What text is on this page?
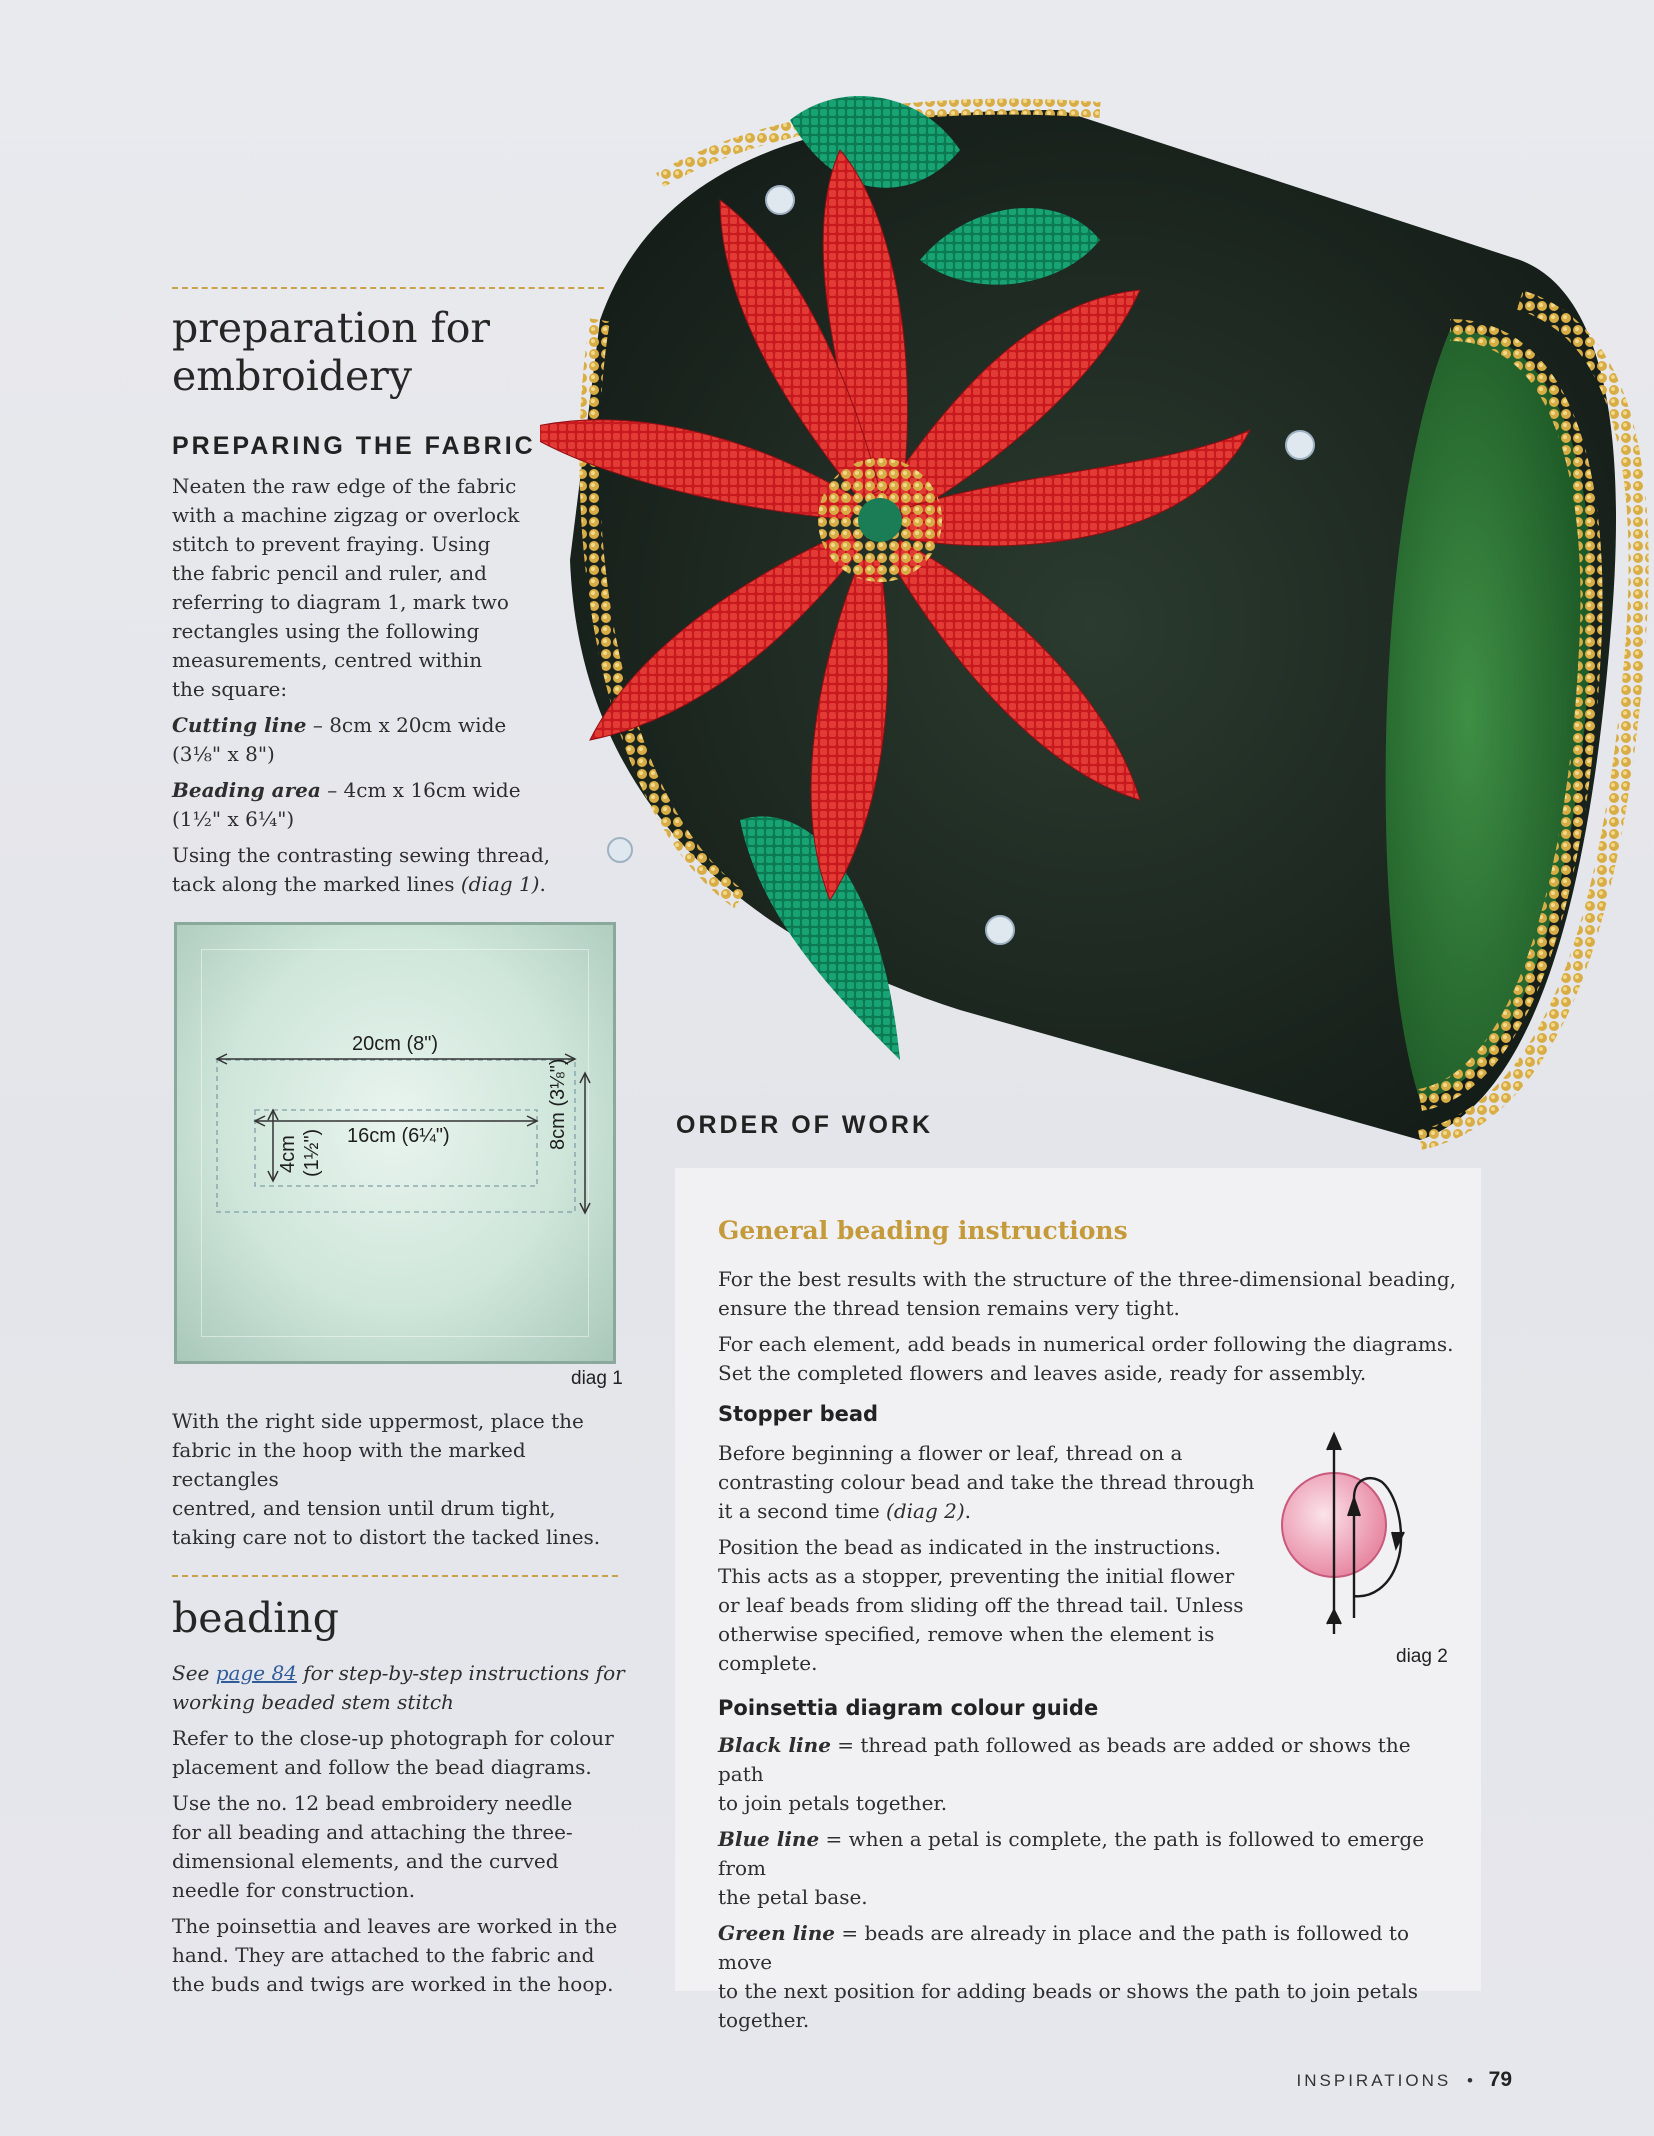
preparation for
embroidery
PREPARING THE FABRIC

Neaten the raw edge of the fabric
with a machine zigzag or overlock
stitch to prevent fraying. Using
the fabric pencil and ruler, and
referring to diagram 1, mark two
rectangles using the following
measurements, centred within
the square:

Cutting line – 8cm x 20cm wide
(3⅛" x 8")

Beading area – 4cm x 16cm wide
(1½" x 6¼")

Using the contrasting sewing thread,
tack along the marked lines (diag 1).

20cm (8")
16cm (6¼")	8cm (3⅛")
4cm (1½")
diag 1

With the right side uppermost, place the
fabric in the hoop with the marked rectangles
centred, and tension until drum tight,
taking care not to distort the tacked lines.

beading

See page 84 for step-by-step instructions for
working beaded stem stitch

Refer to the close-up photograph for colour
placement and follow the bead diagrams.

Use the no. 12 bead embroidery needle
for all beading and attaching the three-
dimensional elements, and the curved
needle for construction.

The poinsettia and leaves are worked in the
hand. They are attached to the fabric and
the buds and twigs are worked in the hoop.

ORDER OF WORK
General beading instructions

For the best results with the structure of the three-dimensional beading,
ensure the thread tension remains very tight.

For each element, add beads in numerical order following the diagrams.
Set the completed flowers and leaves aside, ready for assembly.

Stopper bead

Before beginning a flower or leaf, thread on a
contrasting colour bead and take the thread through
it a second time (diag 2).

Position the bead as indicated in the instructions.
This acts as a stopper, preventing the initial flower
or leaf beads from sliding off the thread tail. Unless
otherwise specified, remove when the element is
complete.	diag 2
Poinsettia diagram colour guide

Black line = thread path followed as beads are added or shows the path
to join petals together.

Blue line = when a petal is complete, the path is followed to emerge from
the petal base.

Green line = beads are already in place and the path is followed to move
to the next position for adding beads or shows the path to join petals
together.

INSPIRATIONS • 79
